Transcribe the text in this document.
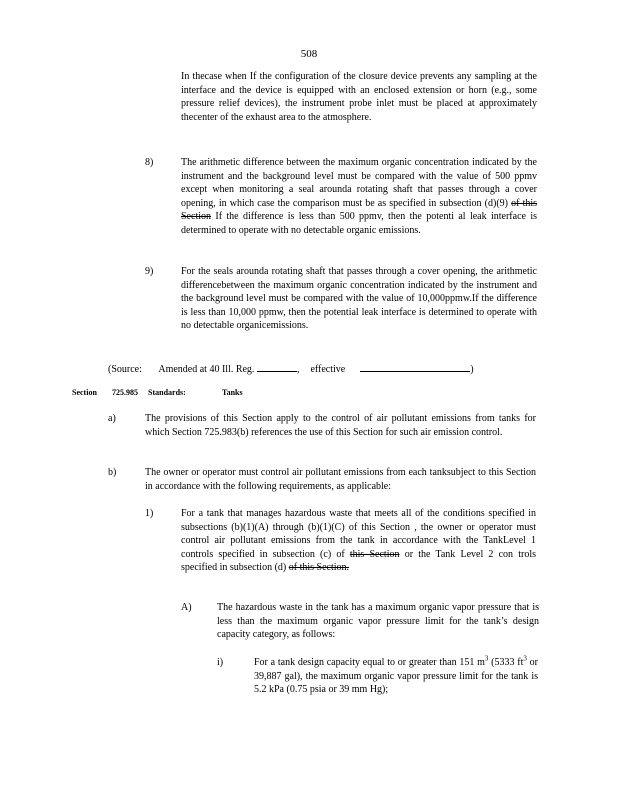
508
In thecase when If the configuration of the closure device prevents any sampling at the interface and the device is equipped with an enclosed extension or horn (e.g., some pressure relief devices), the instrument probe inlet must be placed at approximately thecenter of the exhaust area to the atmosphere.
8)	The arithmetic difference between the maximum organic concentration indicated by the instrument and the background level must be compared with the value of 500 ppmv except when monitoring a seal arounda rotating shaft that passes through a cover opening, in which case the comparison must be as specified in subsection (d)(9) of this Section If the difference is less than 500 ppmv, then the potenti al leak interface is determined to operate with no detectable organic emissions.
9)	For the seals arounda rotating shaft that passes through a cover opening, the arithmetic differencebetween the maximum organic concentration indicated by the instrument and the background level must be compared with the value of 10,000ppmw.If the difference is less than 10,000 ppmw, then the potential leak interface is determined to operate with no detectable organicemissions.
(Source: Amended at 40 Ill. Reg.	, effective	)
Section 725.985 Standards:	Tanks
a)	The provisions of this Section apply to the control of air pollutant emissions from tanks for which Section 725.983(b) references the use of this Section for such air emission control.
b)	The owner or operator must control air pollutant emissions from each tanksubject to this Section in accordance with the following requirements, as applicable:
1)	For a tank that manages hazardous waste that meets all of the conditions specified in subsections (b)(1)(A) through (b)(1)(C) of this Section , the owner or operator must control air pollutant emissions from the tank in accordance with the TankLevel 1 controls specified in subsection (c) of this Section or the Tank Level 2 con trols specified in subsection (d) of this Section.
A)	The hazardous waste in the tank has a maximum organic vapor pressure that is less than the maximum organic vapor pressure limit for the tank’s design capacity category, as follows:
i)	For a tank design capacity equal to or greater than 151 $m^3$ (5333 $ft^3$ or 39,887 gal), the maximum organic vapor pressure limit for the tank is 5.2 kPa (0.75 psia or 39 mm Hg);
